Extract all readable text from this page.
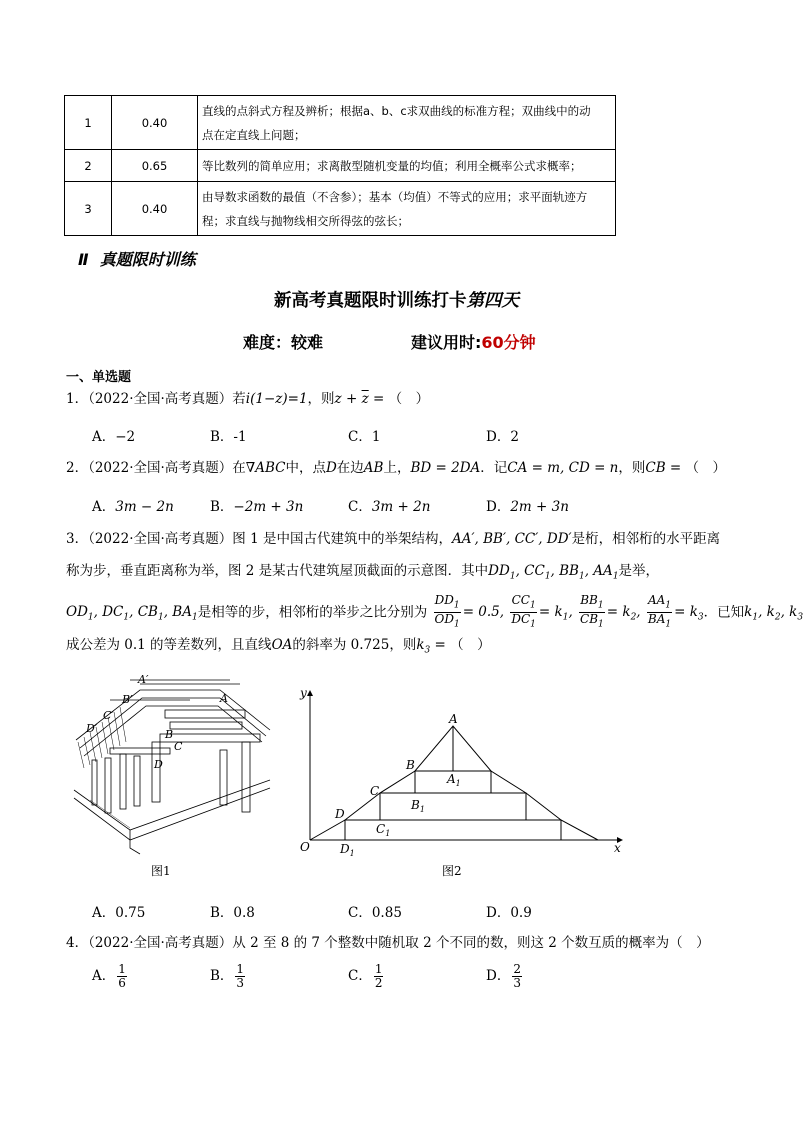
1	0.40	直线的点斜式方程及辨析；根据a、b、c求双曲线的标准方程；双曲线中的动
点在定直线上问题；
2	0.65	等比数列的简单应用；求离散型随机变量的均值；利用全概率公式求概率；
3	0.40	由导数求函数的最值（不含参）；基本（均值）不等式的应用；求平面轨迹方
程；求直线与抛物线相交所得弦的弦长；
Ⅱ 真题限时训练
新高考真题限时训练打卡第四天
难度：较难	建议用时:60分钟
一、单选题
1．（2022·全国·高考真题）若i(1−z)=1，则$z + \overline{z}$ = （　）
A．−2	B．-1	C．1	D．2
2．（2022·全国·高考真题）在∇ABC中，点D在边AB上，BD = 2DA．记CA = m, CD = n，则CB = （　）
A．3m − 2n	B．−2m + 3n	C．3m + 2n	D．2m + 3n
3．（2022·全国·高考真题）图 1 是中国古代建筑中的举架结构，AA′, BB′, CC′, DD′是桁，相邻桁的水平距离
称为步，垂直距离称为举，图 2 是某古代建筑屋顶截面的示意图．其中$DD_1$, $CC_1$, $BB_1$, $AA_1$是举，
$OD_1$, $DC_1$, $CB_1$, $BA_1$是相等的步，相邻桁的举步之比分别为 $\frac{DD_1}{OD_1} = 0.5$, $\frac{CC_1}{DC_1} = k_1$, $\frac{BB_1}{CB_1} = k_2$, $\frac{AA_1}{BA_1} = k_3$．已知$k_1$, $k_2$, $k_3$
成公差为 0.1 的等差数列，且直线OA的斜率为 0.725，则$k_3$ = （　）
A′
B′
C′
D′
A
B
C
D
图1
y
x
O
A
B
C
D
$A_1$
$B_1$
$C_1$
$D_1$
图2
A．0.75	B．0.8	C．0.85	D．0.9
4．（2022·全国·高考真题）从 2 至 8 的 7 个整数中随机取 2 个不同的数，则这 2 个数互质的概率为（　）
A． $\frac{1}{6}$	B． $\frac{1}{3}$	C． $\frac{1}{2}$	D． $\frac{2}{3}$
